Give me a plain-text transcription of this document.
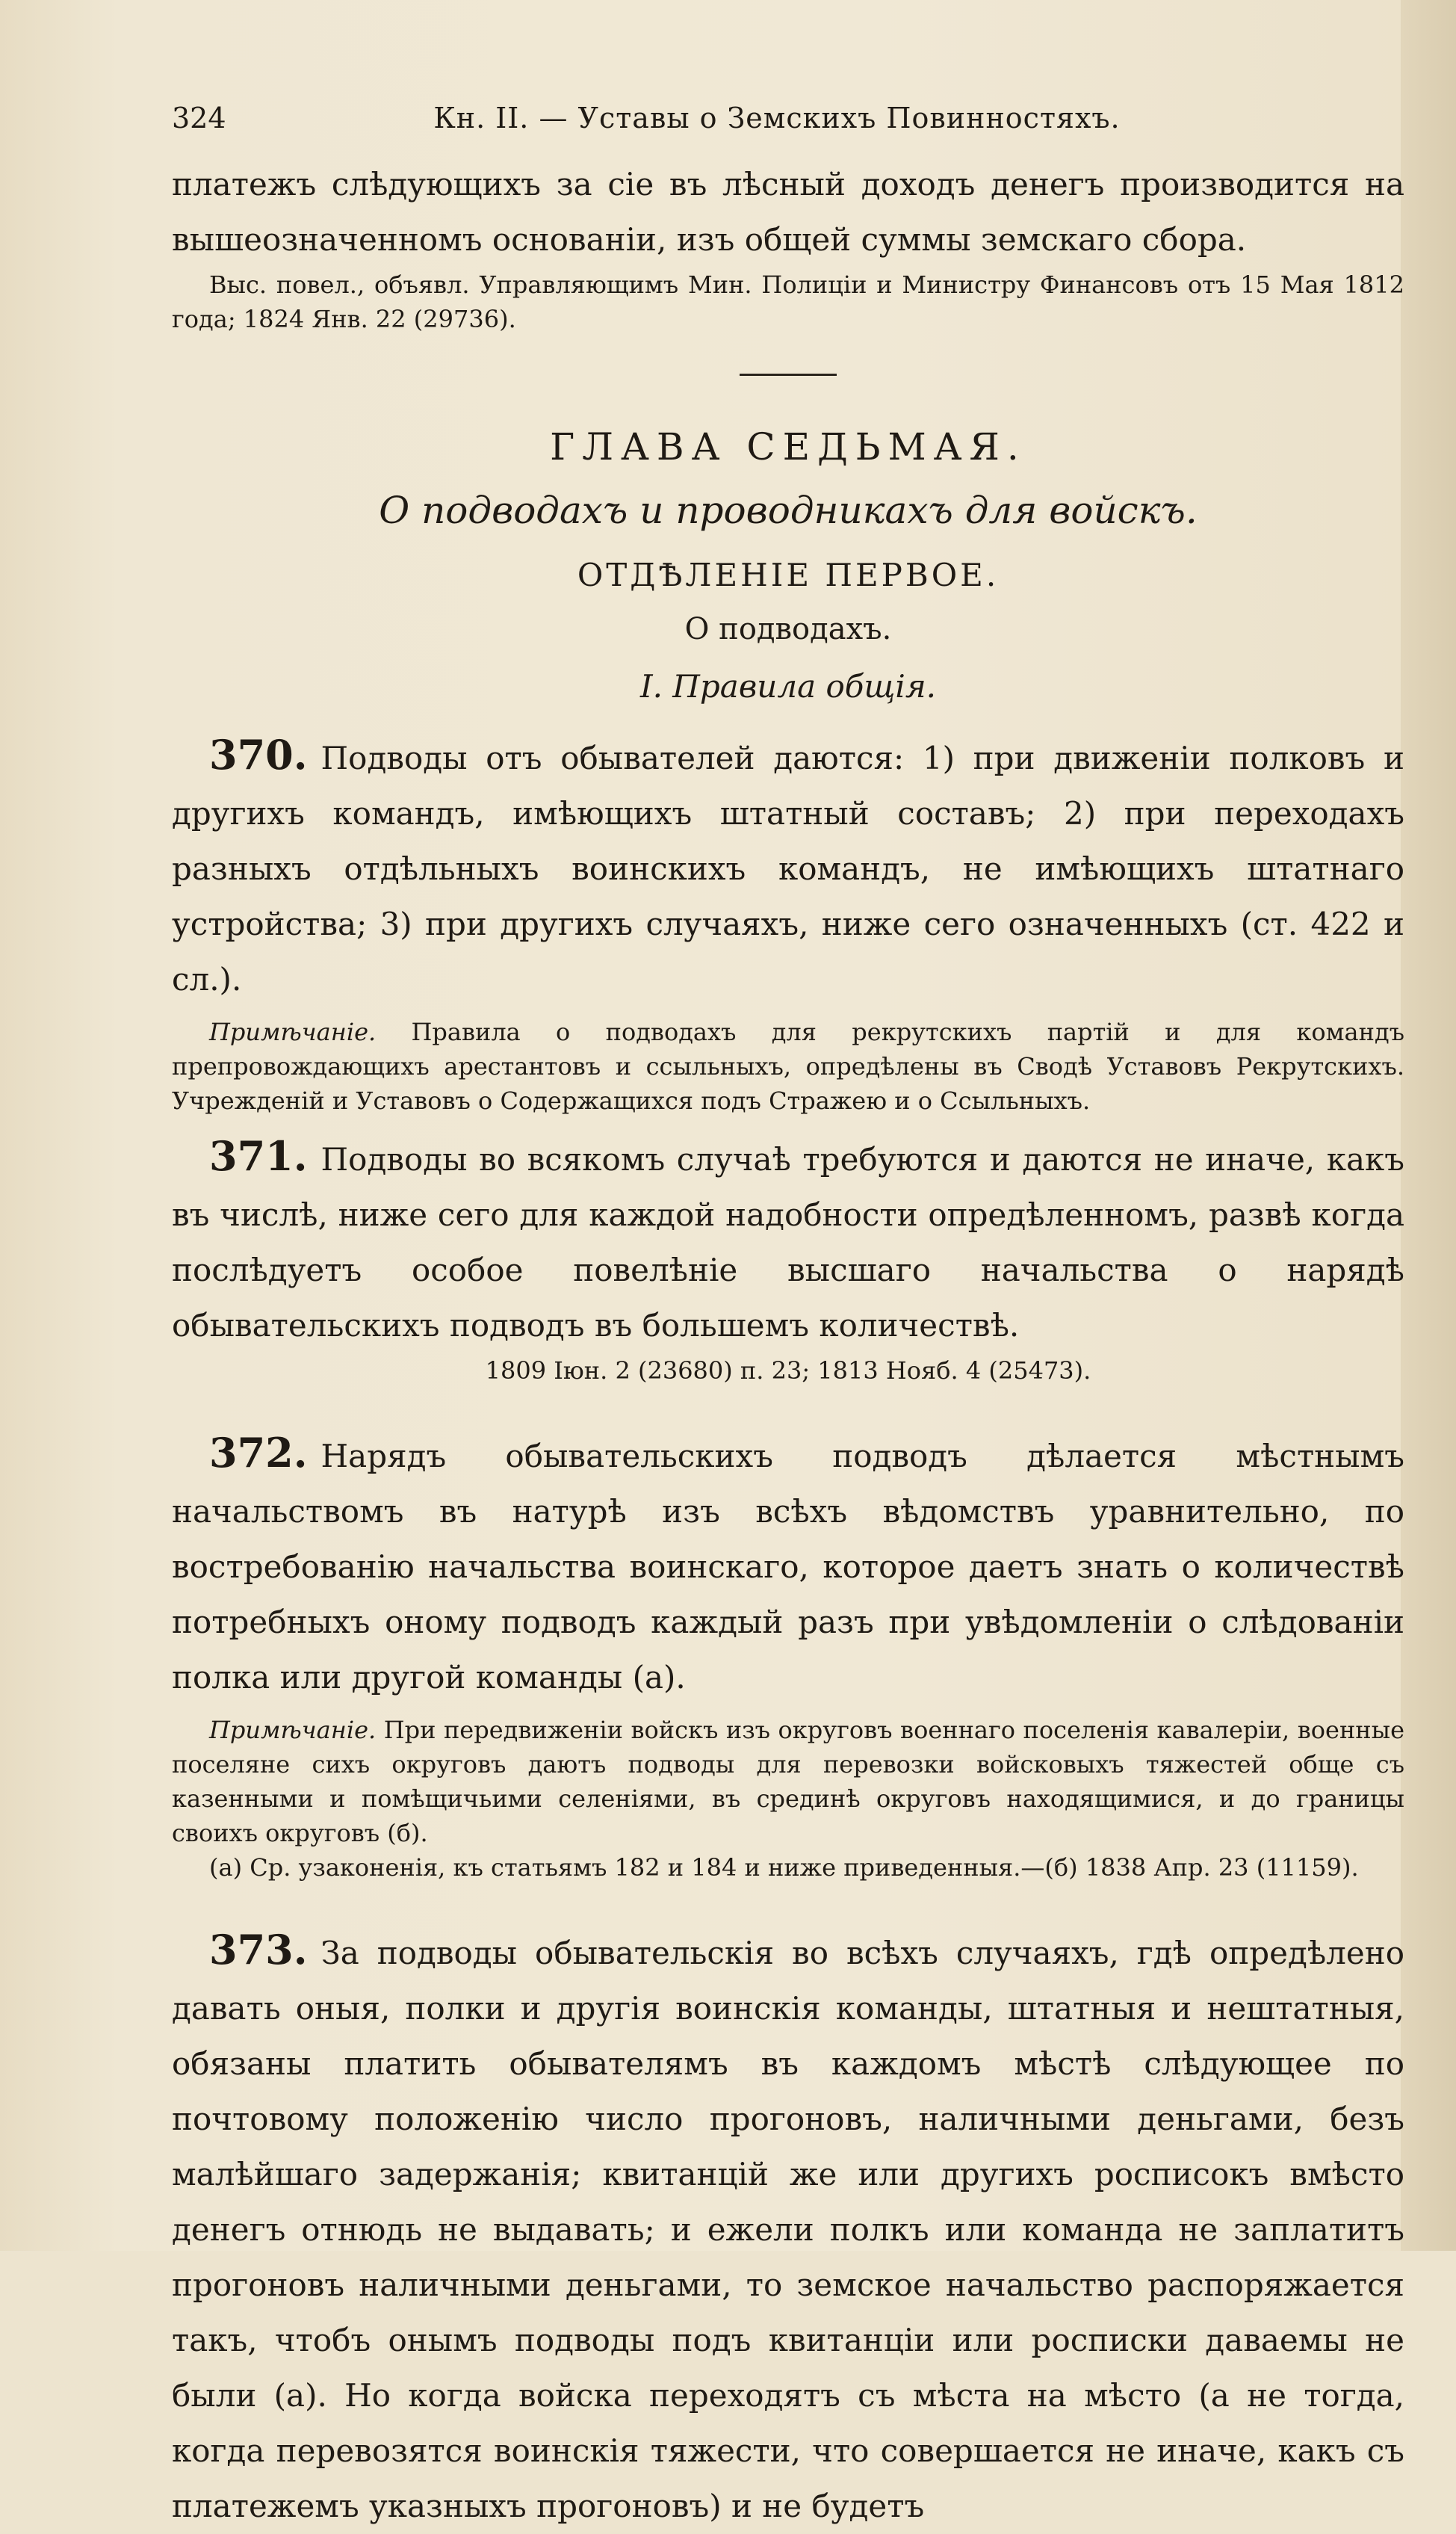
324	Кн. II. — Уставы о Земскихъ Повинностяхъ.

платежъ слѣдующихъ за сіе въ лѣсный доходъ денегъ производится на вышеозначенномъ основаніи, изъ общей суммы земскаго сбора.

Выс. повел., объявл. Управляющимъ Мин. Полиціи и Министру Финансовъ отъ 15 Мая 1812 года; 1824 Янв. 22 (29736).

ГЛАВА СЕДЬМАЯ.
О подводахъ и проводникахъ для войскъ.
ОТДѢЛЕНІЕ ПЕРВОЕ.
О подводахъ.
I. Правила общія.

370. Подводы отъ обывателей даются: 1) при движеніи полковъ и другихъ командъ, имѣющихъ штатный составъ; 2) при переходахъ разныхъ отдѣльныхъ воинскихъ командъ, не имѣющихъ штатнаго устройства; 3) при другихъ случаяхъ, ниже сего означенныхъ (ст. 422 и сл.).

Примѣчаніе. Правила о подводахъ для рекрутскихъ партій и для командъ препровождающихъ арестантовъ и ссыльныхъ, опредѣлены въ Сводѣ Уставовъ Рекрутскихъ. Учрежденій и Уставовъ о Содержащихся подъ Стражею и о Ссыльныхъ.

371. Подводы во всякомъ случаѣ требуются и даются не иначе, какъ въ числѣ, ниже сего для каждой надобности опредѣленномъ, развѣ когда послѣдуетъ особое повелѣніе высшаго начальства о нарядѣ обывательскихъ подводъ въ большемъ количествѣ.

1809 Іюн. 2 (23680) п. 23; 1813 Нояб. 4 (25473).

372. Нарядъ обывательскихъ подводъ дѣлается мѣстнымъ начальствомъ въ натурѣ изъ всѣхъ вѣдомствъ уравнительно, по востребованію начальства воинскаго, которое даетъ знать о количествѣ потребныхъ оному подводъ каждый разъ при увѣдомленіи о слѣдованіи полка или другой команды (а).

Примѣчаніе. При передвиженіи войскъ изъ округовъ военнаго поселенія кавалеріи, военные поселяне сихъ округовъ даютъ подводы для перевозки войсковыхъ тяжестей обще съ казенными и помѣщичьими селеніями, въ срединѣ округовъ находящимися, и до границы своихъ округовъ (б).

(а) Ср. узаконенія, къ статьямъ 182 и 184 и ниже приведенныя.—(б) 1838 Апр. 23 (11159).

373. За подводы обывательскія во всѣхъ случаяхъ, гдѣ опредѣлено давать оныя, полки и другія воинскія команды, штатныя и нештатныя, обязаны платить обывателямъ въ каждомъ мѣстѣ слѣдующее по почтовому положенію число прогоновъ, наличными деньгами, безъ малѣйшаго задержанія; квитанцій же или другихъ росписокъ вмѣсто денегъ отнюдь не выдавать; и ежели полкъ или команда не заплатитъ прогоновъ наличными деньгами, то земское начальство распоряжается такъ, чтобъ онымъ подводы подъ квитанціи или росписки даваемы не были (а). Но когда войска переходятъ съ мѣста на мѣсто (а не тогда, когда перевозятся воинскія тяжести, что совершается не иначе, какъ съ платежемъ указныхъ прогоновъ) и не будетъ
